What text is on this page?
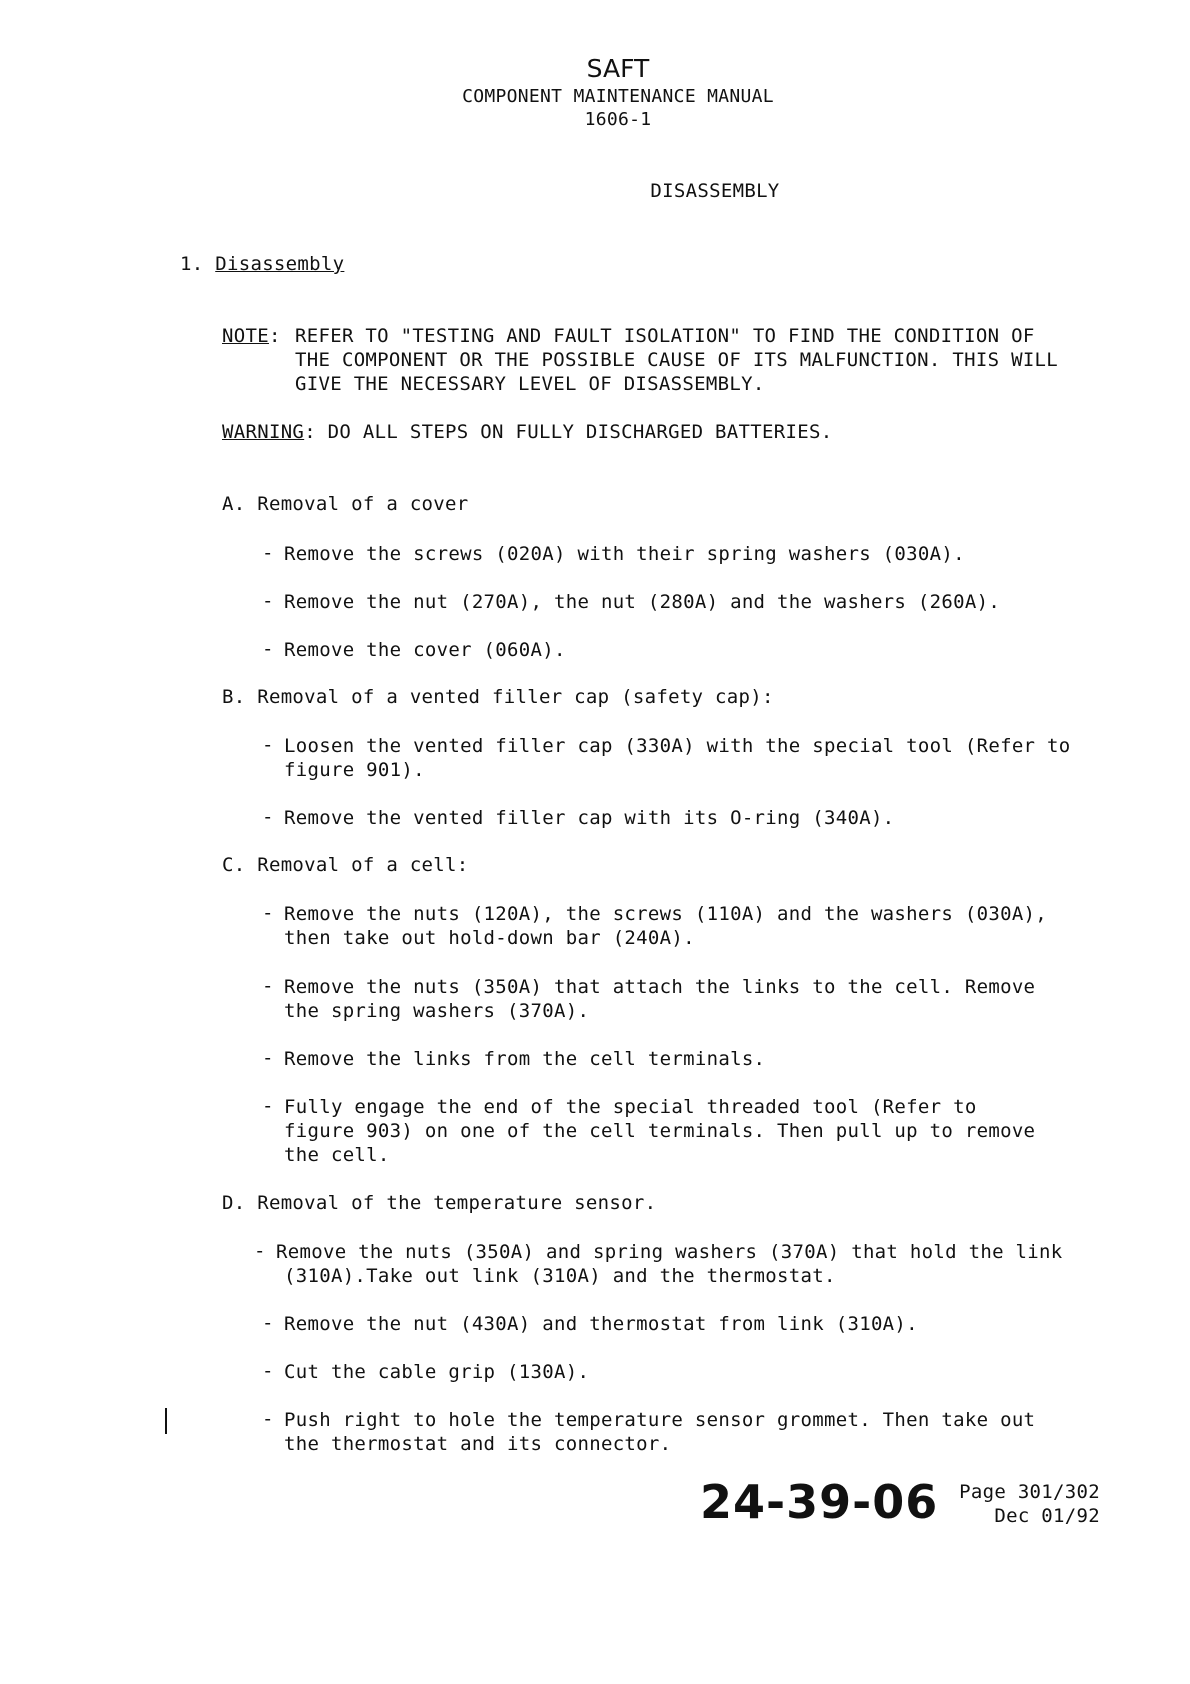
SAFT
COMPONENT MAINTENANCE MANUAL
1606-1
DISASSEMBLY
1. Disassembly
NOTE: REFER TO "TESTING AND FAULT ISOLATION" TO FIND THE CONDITION OF
THE COMPONENT OR THE POSSIBLE CAUSE OF ITS MALFUNCTION. THIS WILL
GIVE THE NECESSARY LEVEL OF DISASSEMBLY.
WARNING: DO ALL STEPS ON FULLY DISCHARGED BATTERIES.
A. Removal of a cover
- Remove the screws (020A) with their spring washers (030A).
- Remove the nut (270A), the nut (280A) and the washers (260A).
- Remove the cover (060A).
B. Removal of a vented filler cap (safety cap):
- Loosen the vented filler cap (330A) with the special tool (Refer to
figure 901).
- Remove the vented filler cap with its O-ring (340A).
C. Removal of a cell:
- Remove the nuts (120A), the screws (110A) and the washers (030A),
then take out hold-down bar (240A).
- Remove the nuts (350A) that attach the links to the cell. Remove
the spring washers (370A).
- Remove the links from the cell terminals.
- Fully engage the end of the special threaded tool (Refer to
figure 903) on one of the cell terminals. Then pull up to remove
the cell.
D. Removal of the temperature sensor.
- Remove the nuts (350A) and spring washers (370A) that hold the link
(310A).Take out link (310A) and the thermostat.
- Remove the nut (430A) and thermostat from link (310A).
- Cut the cable grip (130A).
- Push right to hole the temperature sensor grommet. Then take out
the thermostat and its connector.
24-39-06	Page 301/302
Dec 01/92
